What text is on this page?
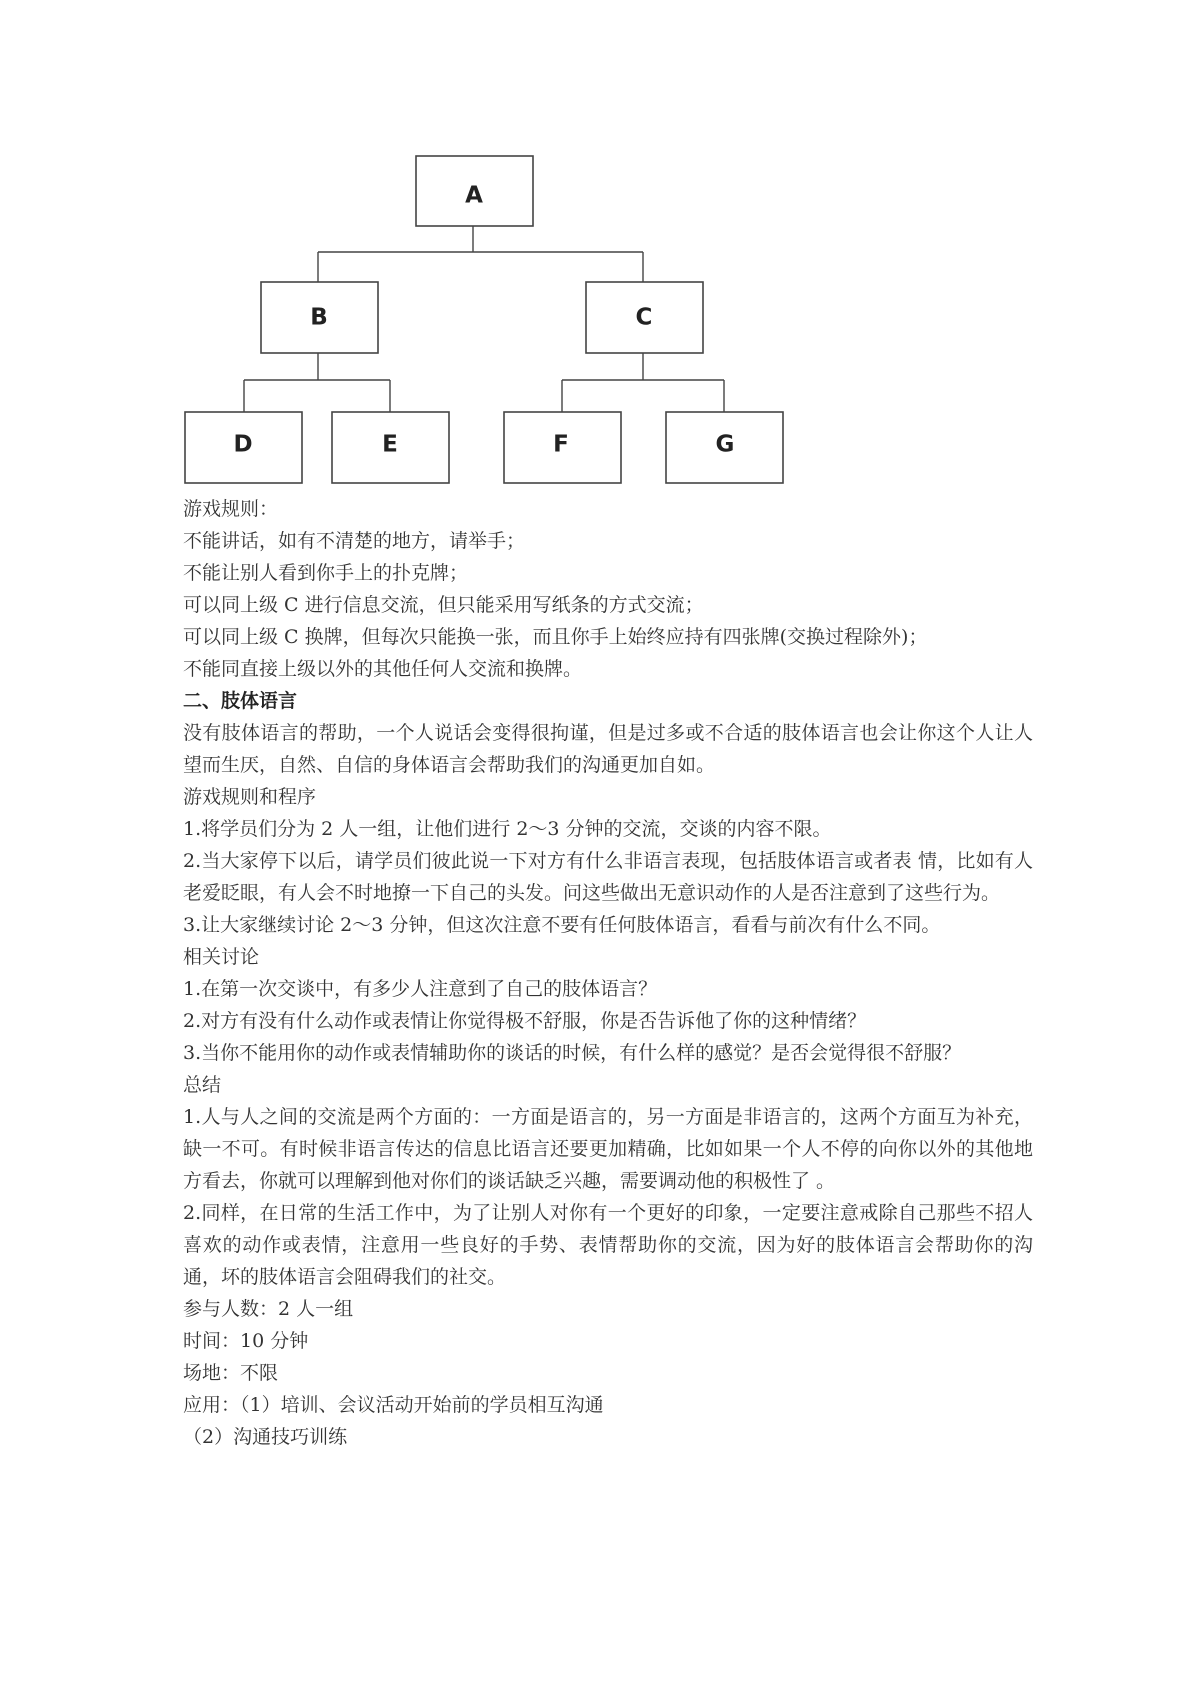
A
B	C
D	E	F	G
游戏规则：
不能讲话，如有不清楚的地方，请举手；
不能让别人看到你手上的扑克牌；
可以同上级 C 进行信息交流，但只能采用写纸条的方式交流；
可以同上级 C 换牌，但每次只能换一张，而且你手上始终应持有四张牌(交换过程除外)；
不能同直接上级以外的其他任何人交流和换牌。
二、肢体语言
没有肢体语言的帮助，一个人说话会变得很拘谨，但是过多或不合适的肢体语言也会让你这个人让人望而生厌，自然、自信的身体语言会帮助我们的沟通更加自如。
游戏规则和程序
1.将学员们分为 2 人一组，让他们进行 2～3 分钟的交流，交谈的内容不限。
2.当大家停下以后，请学员们彼此说一下对方有什么非语言表现，包括肢体语言或者表 情，比如有人老爱眨眼，有人会不时地撩一下自己的头发。问这些做出无意识动作的人是否注意到了这些行为。
3.让大家继续讨论 2～3 分钟，但这次注意不要有任何肢体语言，看看与前次有什么不同。
相关讨论
1.在第一次交谈中，有多少人注意到了自己的肢体语言？
2.对方有没有什么动作或表情让你觉得极不舒服，你是否告诉他了你的这种情绪？
3.当你不能用你的动作或表情辅助你的谈话的时候，有什么样的感觉？是否会觉得很不舒服？
总结
1.人与人之间的交流是两个方面的：一方面是语言的，另一方面是非语言的，这两个方面互为补充，缺一不可。有时候非语言传达的信息比语言还要更加精确，比如如果一个人不停的向你以外的其他地方看去，你就可以理解到他对你们的谈话缺乏兴趣，需要调动他的积极性了 。
2.同样，在日常的生活工作中，为了让别人对你有一个更好的印象，一定要注意戒除自己那些不招人喜欢的动作或表情，注意用一些良好的手势、表情帮助你的交流，因为好的肢体语言会帮助你的沟通，坏的肢体语言会阻碍我们的社交。
参与人数：2 人一组
时间：10 分钟
场地：不限
应用：（1）培训、会议活动开始前的学员相互沟通
（2）沟通技巧训练
